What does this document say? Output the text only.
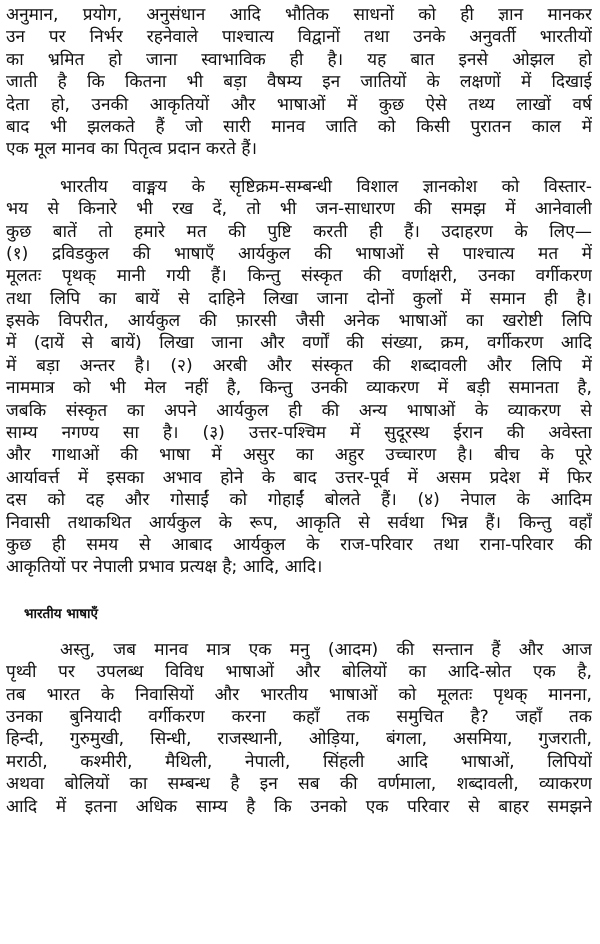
अनुमान, प्रयोग, अनुसंधान आदि भौतिक साधनों को ही ज्ञान मानकर
उन पर निर्भर रहनेवाले पाश्चात्य विद्वानों तथा उनके अनुवर्ती भारतीयों
का भ्रमित हो जाना स्वाभाविक ही है। यह बात इनसे ओझल हो
जाती है कि कितना भी बड़ा वैषम्य इन जातियों के लक्षणों में दिखाई
देता हो, उनकी आकृतियों और भाषाओं में कुछ ऐसे तथ्य लाखों वर्ष
बाद भी झलकते हैं जो सारी मानव जाति को किसी पुरातन काल में
एक मूल मानव का पितृत्व प्रदान करते हैं।
भारतीय वाङ्मय के सृष्टिक्रम-सम्बन्धी विशाल ज्ञानकोश को विस्तार-
भय से किनारे भी रख दें, तो भी जन-साधारण की समझ में आनेवाली
कुछ बातें तो हमारे मत की पुष्टि करती ही हैं। उदाहरण के लिए—
(१) द्रविडकुल की भाषाएँ आर्यकुल की भाषाओं से पाश्चात्य मत में
मूलतः पृथक् मानी गयी हैं। किन्तु संस्कृत की वर्णाक्षरी, उनका वर्गीकरण
तथा लिपि का बायें से दाहिने लिखा जाना दोनों कुलों में समान ही है।
इसके विपरीत, आर्यकुल की फ़ारसी जैसी अनेक भाषाओं का खरोष्टी लिपि
में (दायें से बायें) लिखा जाना और वर्णों की संख्या, क्रम, वर्गीकरण आदि
में बड़ा अन्तर है। (२) अरबी और संस्कृत की शब्दावली और लिपि में
नाममात्र को भी मेल नहीं है, किन्तु उनकी व्याकरण में बड़ी समानता है,
जबकि संस्कृत का अपने आर्यकुल ही की अन्य भाषाओं के व्याकरण से
साम्य नगण्य सा है। (३) उत्तर-पश्चिम में सुदूरस्थ ईरान की अवेस्ता
और गाथाओं की भाषा में असुर का अहुर उच्चारण है। बीच के पूरे
आर्यावर्त्त में इसका अभाव होने के बाद उत्तर-पूर्व में असम प्रदेश में फिर
दस को दह और गोसाईं को गोहाईं बोलते हैं। (४) नेपाल के आदिम
निवासी तथाकथित आर्यकुल के रूप, आकृति से सर्वथा भिन्न हैं। किन्तु वहाँ
कुछ ही समय से आबाद आर्यकुल के राज-परिवार तथा राना-परिवार की
आकृतियों पर नेपाली प्रभाव प्रत्यक्ष है; आदि, आदि।
भारतीय भाषाएँ
अस्तु, जब मानव मात्र एक मनु (आदम) की सन्तान हैं और आज
पृथ्वी पर उपलब्ध विविध भाषाओं और बोलियों का आदि-स्रोत एक है,
तब भारत के निवासियों और भारतीय भाषाओं को मूलतः पृथक् मानना,
उनका बुनियादी वर्गीकरण करना कहाँ तक समुचित है? जहाँ तक
हिन्दी, गुरुमुखी, सिन्धी, राजस्थानी, ओड़िया, बंगला, असमिया, गुजराती,
मराठी, कश्मीरी, मैथिली, नेपाली, सिंहली आदि भाषाओं, लिपियों
अथवा बोलियों का सम्बन्ध है इन सब की वर्णमाला, शब्दावली, व्याकरण
आदि में इतना अधिक साम्य है कि उनको एक परिवार से बाहर समझने
